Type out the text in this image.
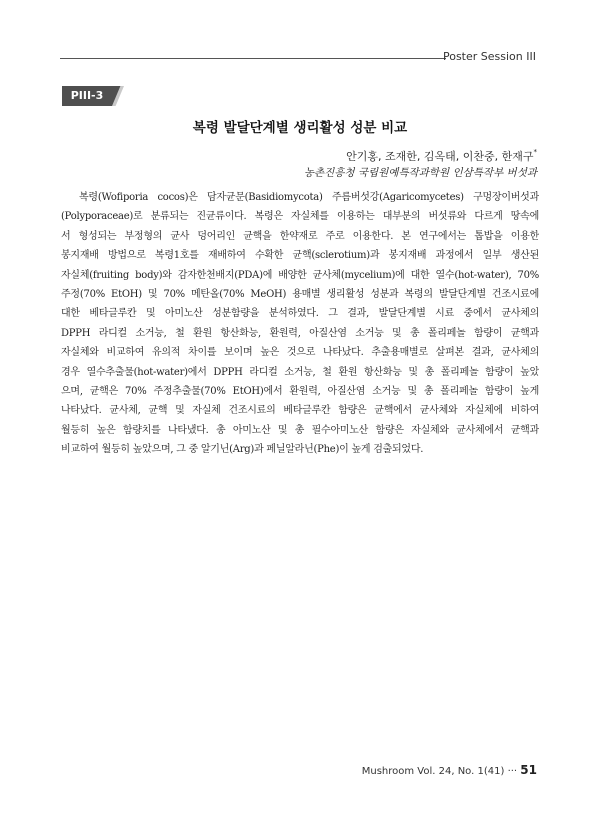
Poster Session III
PIII-3
복령 발달단계별 생리활성 성분 비교
안기홍, 조재한, 김옥태, 이찬중, 한재구*
농촌진흥청 국립원예특작과학원 인삼특작부 버섯과
복령(Wofiporia cocos)은 담자균문(Basidiomycota) 주름버섯강(Agaricomycetes) 구멍장이버섯과
(Polyporaceae)로 분류되는 진균류이다. 복령은 자실체를 이용하는 대부분의 버섯류와 다르게 땅속에
서 형성되는 부정형의 균사 덩어리인 균핵을 한약재로 주로 이용한다. 본 연구에서는 톱밥을 이용한
봉지재배 방법으로 복령1호를 재배하여 수확한 균핵(sclerotium)과 봉지재배 과정에서 일부 생산된
자실체(fruiting body)와 감자한천배지(PDA)에 배양한 균사체(mycelium)에 대한 열수(hot-water), 70%
주정(70% EtOH) 및 70% 메탄올(70% MeOH) 용매별 생리활성 성분과 복령의 발달단계별 건조시료에
대한 베타글루칸 및 아미노산 성분함량을 분석하였다. 그 결과, 발달단계별 시료 중에서 균사체의
DPPH 라디컬 소거능, 철 환원 항산화능, 환원력, 아질산염 소거능 및 총 폴리페놀 함량이 균핵과
자실체와 비교하여 유의적 차이를 보이며 높은 것으로 나타났다. 추출용매별로 살펴본 결과, 균사체의
경우 열수추출물(hot-water)에서 DPPH 라디컬 소거능, 철 환원 항산화능 및 총 폴리페놀 함량이 높았
으며, 균핵은 70% 주정추출물(70% EtOH)에서 환원력, 아질산염 소거능 및 총 폴리페놀 함량이 높게
나타났다. 균사체, 균핵 및 자실체 건조시료의 베타글루칸 함량은 균핵에서 균사체와 자실체에 비하여
월등히 높은 함량치를 나타냈다. 총 아미노산 및 총 필수아미노산 함량은 자실체와 균사체에서 균핵과
비교하여 월등히 높았으며, 그 중 알기닌(Arg)과 페닐알라닌(Phe)이 높게 검출되었다.
Mushroom Vol. 24, No. 1(41) ··· 51
